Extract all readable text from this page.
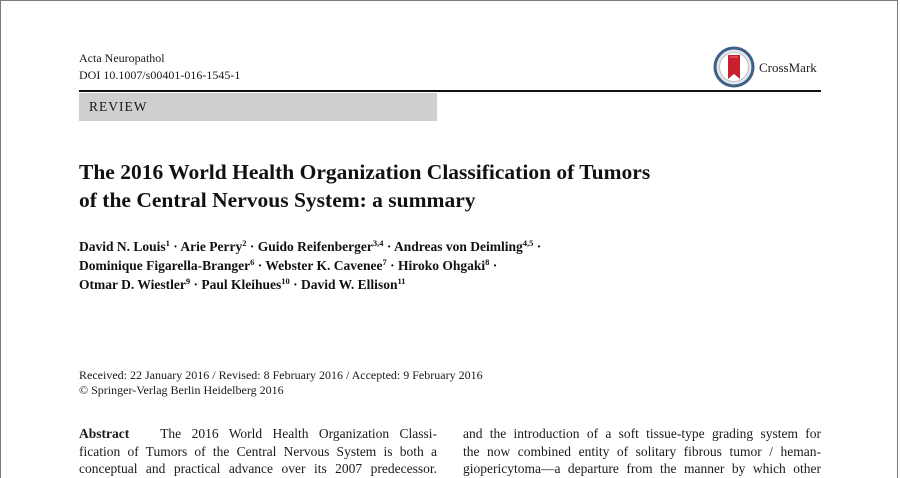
Acta Neuropathol
DOI 10.1007/s00401-016-1545-1	CrossMark
REVIEW
The 2016 World Health Organization Classification of Tumors
of the Central Nervous System: a summary
David N. Louis$^1$ · Arie Perry$^2$ · Guido Reifenberger$^{3,4}$ · Andreas von Deimling$^{4,5}$ ·
Dominique Figarella-Branger$^6$ · Webster K. Cavenee$^7$ · Hiroko Ohgaki$^8$ ·
Otmar D. Wiestler$^9$ · Paul Kleihues$^{10}$ · David W. Ellison$^{11}$
Received: 22 January 2016 / Revised: 8 February 2016 / Accepted: 9 February 2016
© Springer-Verlag Berlin Heidelberg 2016
Abstract The 2016 World Health Organization Classi-
fication of Tumors of the Central Nervous System is both a
conceptual and practical advance over its 2007 predecessor.
and the introduction of a soft tissue-type grading system for
the now combined entity of solitary fibrous tumor / heman-
giopericytoma—a departure from the manner by which other
